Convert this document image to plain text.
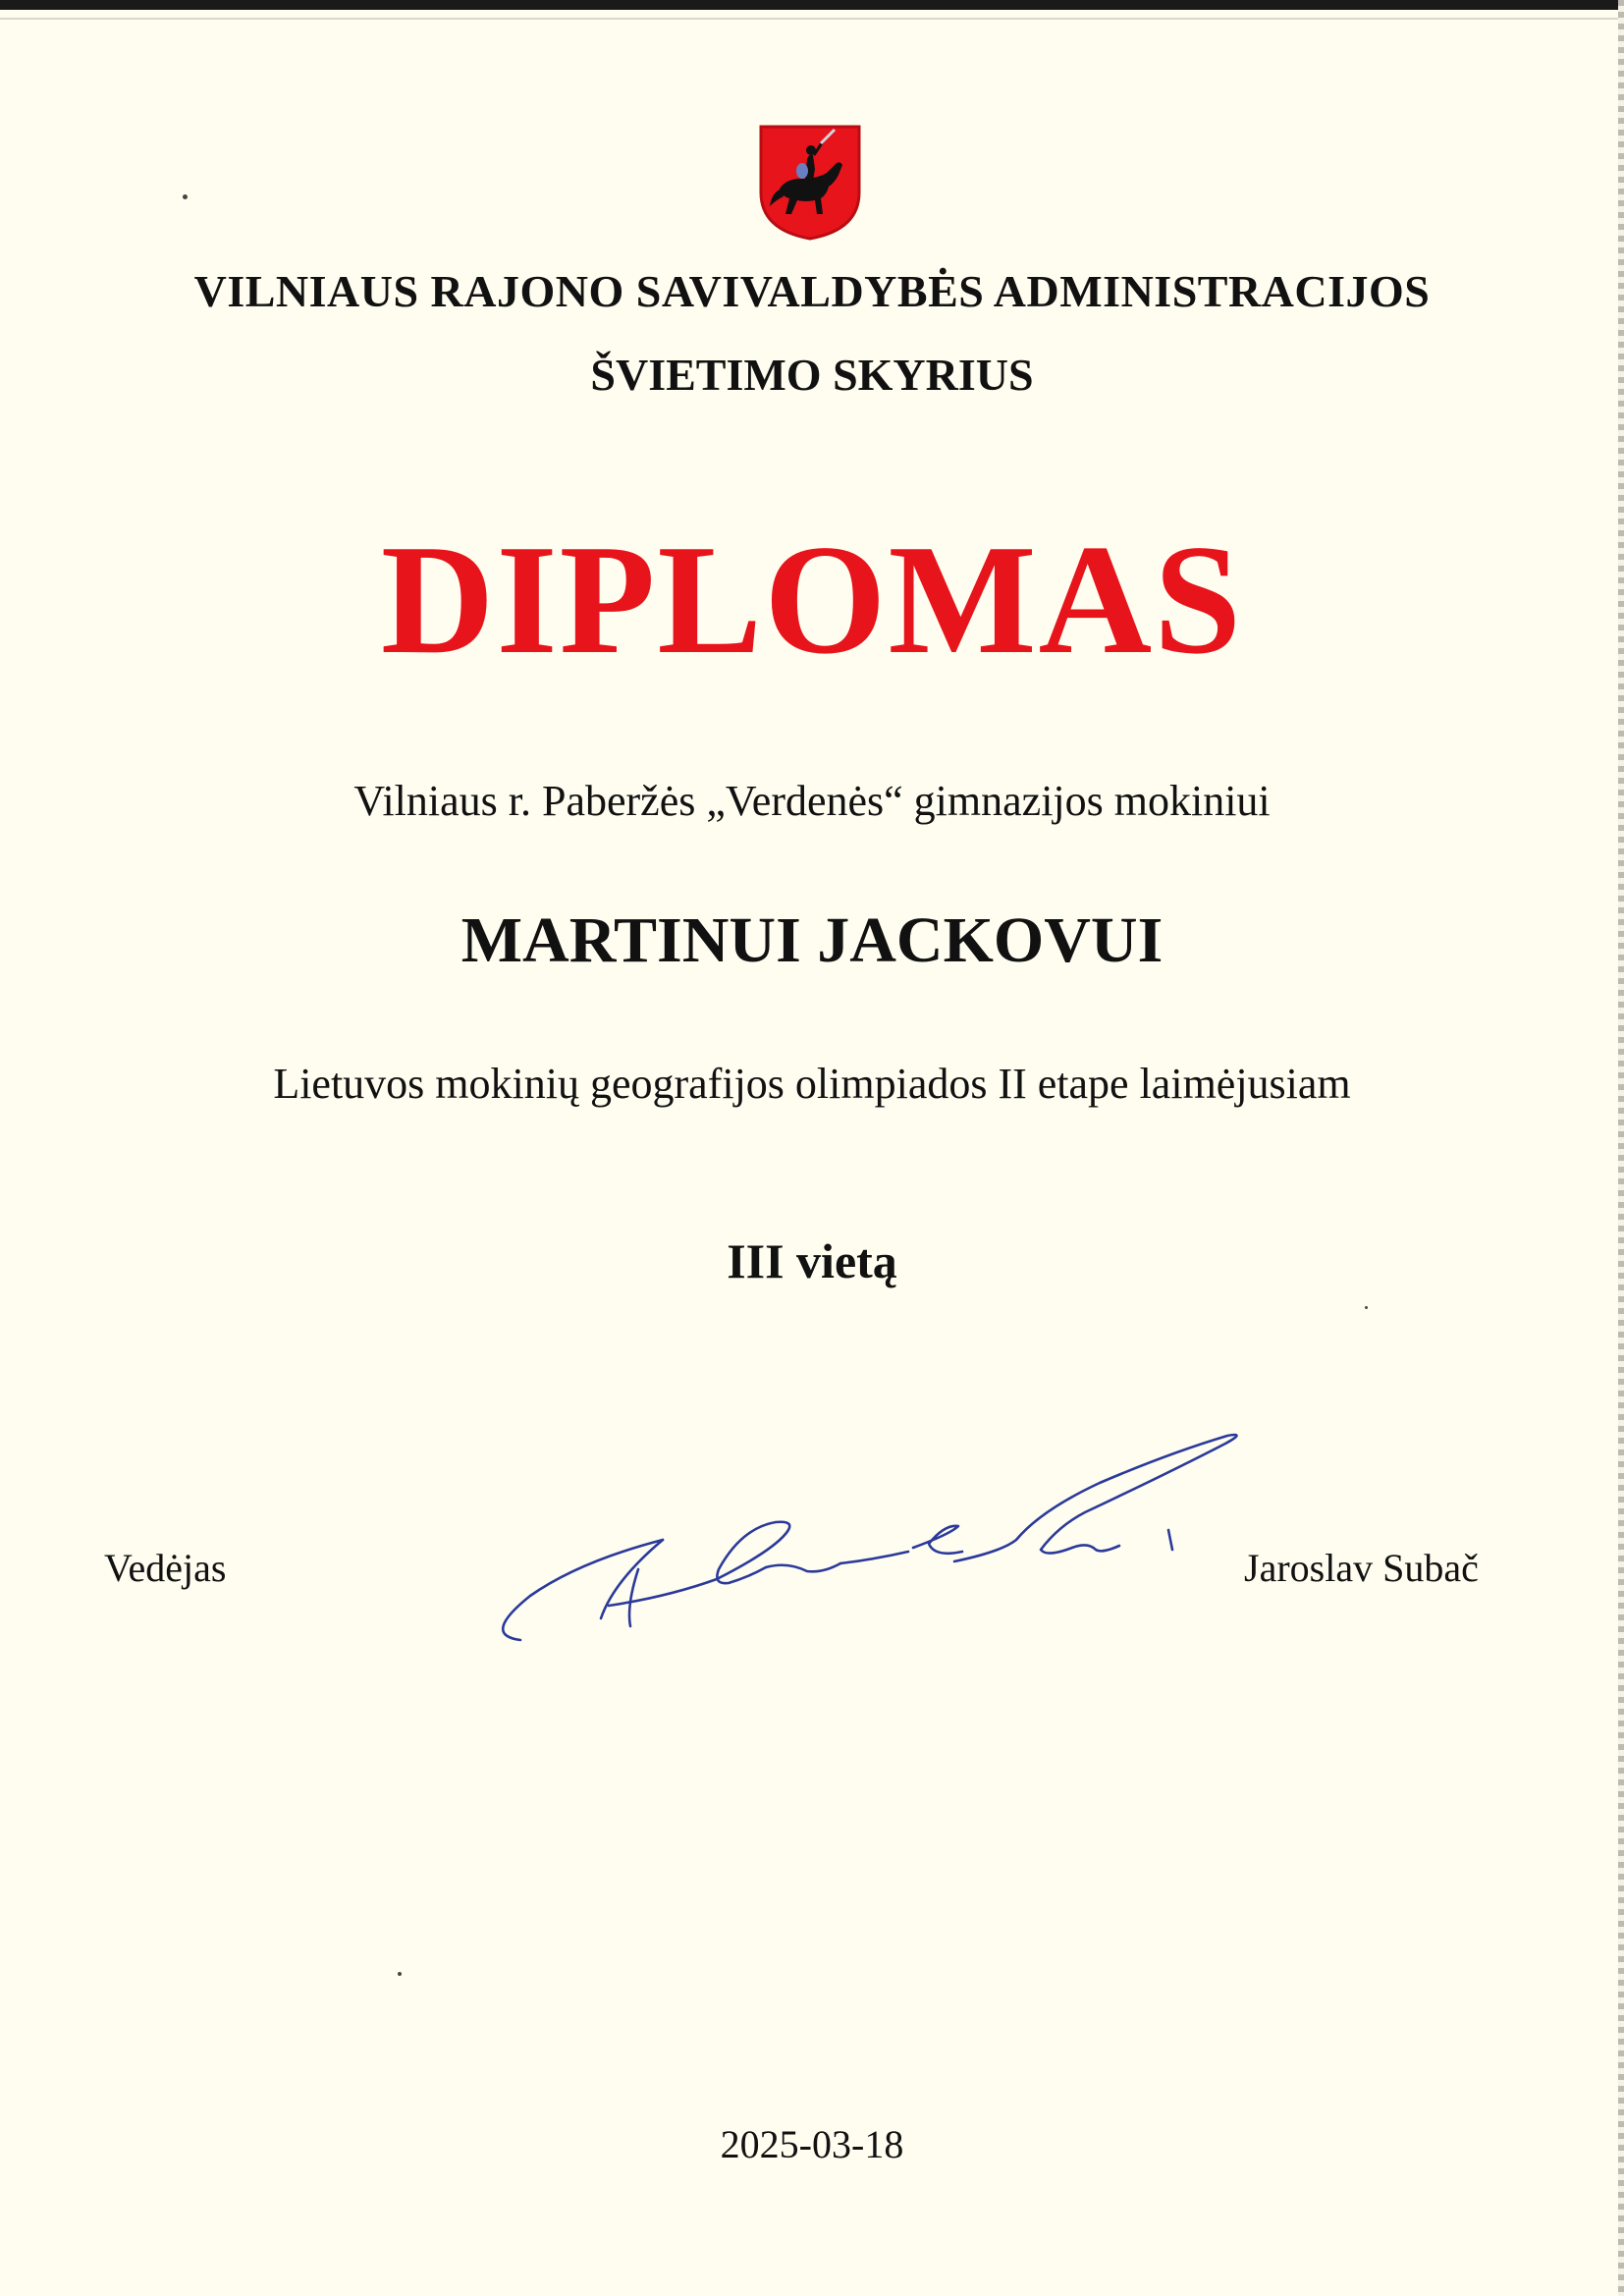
VILNIAUS RAJONO SAVIVALDYBĖS ADMINISTRACIJOS
ŠVIETIMO SKYRIUS
DIPLOMAS
Vilniaus r. Paberžės „Verdenės“ gimnazijos mokiniui
MARTINUI JACKOVUI
Lietuvos mokinių geografijos olimpiados II etape laimėjusiam
III vietą
Vedėjas	Jaroslav Subač
2025-03-18
